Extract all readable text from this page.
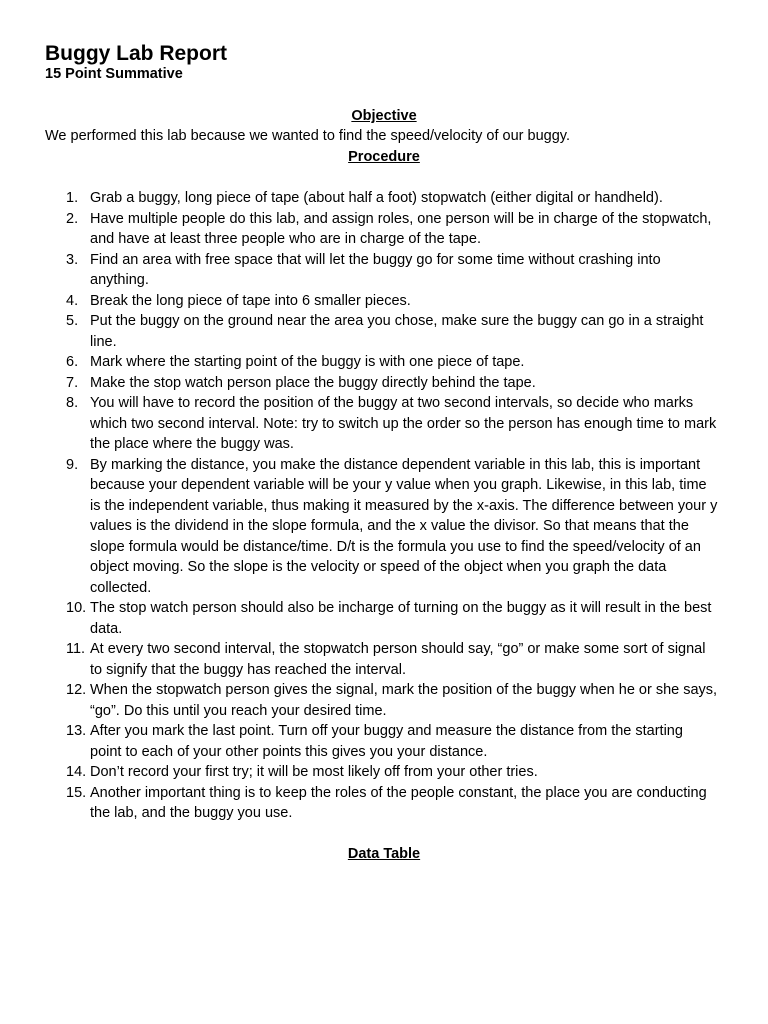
Buggy Lab Report
15 Point Summative
Objective
We performed this lab because we wanted to find the speed/velocity of our buggy.
Procedure
1. Grab a buggy, long piece of tape (about half a foot) stopwatch (either digital or handheld).
2. Have multiple people do this lab, and assign roles, one person will be in charge of the stopwatch, and have at least three people who are in charge of the tape.
3. Find an area with free space that will let the buggy go for some time without crashing into anything.
4. Break the long piece of tape into 6 smaller pieces.
5. Put the buggy on the ground near the area you chose, make sure the buggy can go in a straight line.
6. Mark where the starting point of the buggy is with one piece of tape.
7. Make the stop watch person place the buggy directly behind the tape.
8. You will have to record the position of the buggy at two second intervals, so decide who marks which two second interval. Note: try to switch up the order so the person has enough time to mark the place where the buggy was.
9. By marking the distance, you make the distance dependent variable in this lab, this is important because your dependent variable will be your y value when you graph. Likewise, in this lab, time is the independent variable, thus making it measured by the x-axis. The difference between your y values is the dividend in the slope formula, and the x value the divisor. So that means that the slope formula would be distance/time. D/t is the formula you use to find the speed/velocity of an object moving. So the slope is the velocity or speed of the object when you graph the data collected.
10. The stop watch person should also be incharge of turning on the buggy as it will result in the best data.
11. At every two second interval, the stopwatch person should say, “go” or make some sort of signal to signify that the buggy has reached the interval.
12. When the stopwatch person gives the signal, mark the position of the buggy when he or she says, “go”. Do this until you reach your desired time.
13. After you mark the last point. Turn off your buggy and measure the distance from the starting point to each of your other points this gives you your distance.
14. Don’t record your first try; it will be most likely off from your other tries.
15. Another important thing is to keep the roles of the people constant, the place you are conducting the lab, and the buggy you use.
Data Table
